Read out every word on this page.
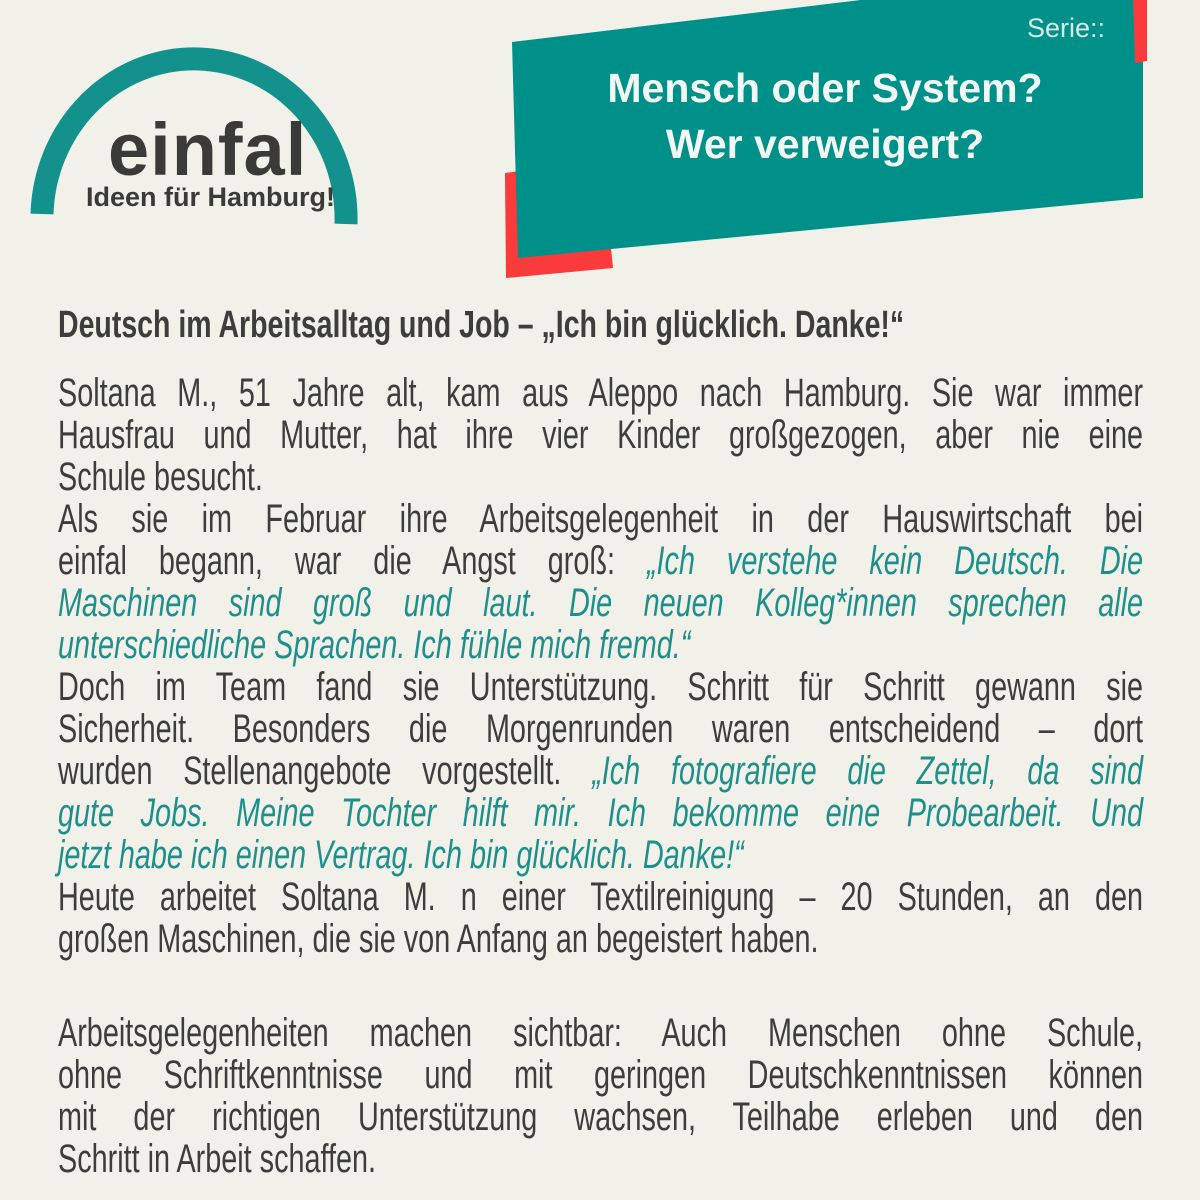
Serie::
Mensch oder System?
Wer verweigert?
einfal
Ideen für Hamburg!
Deutsch im Arbeitsalltag und Job – „Ich bin glücklich. Danke!“
Soltana M., 51 Jahre alt, kam aus Aleppo nach Hamburg. Sie war immer
Hausfrau und Mutter, hat ihre vier Kinder großgezogen, aber nie eine
Schule besucht.
Als sie im Februar ihre Arbeitsgelegenheit in der Hauswirtschaft bei
einfal begann, war die Angst groß: „Ich verstehe kein Deutsch. Die
Maschinen sind groß und laut. Die neuen Kolleg*innen sprechen alle
unterschiedliche Sprachen. Ich fühle mich fremd.“
Doch im Team fand sie Unterstützung. Schritt für Schritt gewann sie
Sicherheit. Besonders die Morgenrunden waren entscheidend – dort
wurden Stellenangebote vorgestellt. „Ich fotografiere die Zettel, da sind
gute Jobs. Meine Tochter hilft mir. Ich bekomme eine Probearbeit. Und
jetzt habe ich einen Vertrag. Ich bin glücklich. Danke!“
Heute arbeitet Soltana M. n einer Textilreinigung – 20 Stunden, an den
großen Maschinen, die sie von Anfang an begeistert haben.
Arbeitsgelegenheiten machen sichtbar: Auch Menschen ohne Schule,
ohne Schriftkenntnisse und mit geringen Deutschkenntnissen können
mit der richtigen Unterstützung wachsen, Teilhabe erleben und den
Schritt in Arbeit schaffen.
